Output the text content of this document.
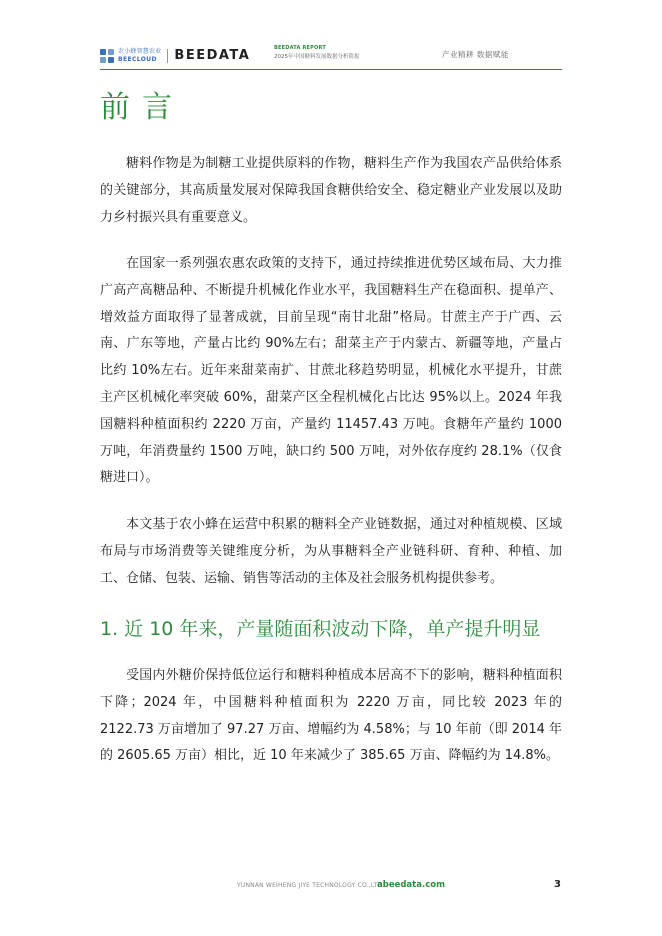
农小蜂智慧农业
BEECLOUD	BEEDATA	BEEDATA REPORT
2025年中国糖料发展数据分析简报	产业精耕 数据赋能
前言

糖料作物是为制糖工业提供原料的作物，糖料生产作为我国农产品供给体系的关键部分，其高质量发展对保障我国食糖供给安全、稳定糖业产业发展以及助力乡村振兴具有重要意义。

在国家一系列强农惠农政策的支持下，通过持续推进优势区域布局、大力推广高产高糖品种、不断提升机械化作业水平，我国糖料生产在稳面积、提单产、增效益方面取得了显著成就，目前呈现“南甘北甜”格局。甘蔗主产于广西、云南、广东等地，产量占比约 90%左右；甜菜主产于内蒙古、新疆等地，产量占比约 10%左右。近年来甜菜南扩、甘蔗北移趋势明显，机械化水平提升，甘蔗主产区机械化率突破 60%，甜菜产区全程机械化占比达 95%以上。2024 年我国糖料种植面积约 2220 万亩，产量约 11457.43 万吨。食糖年产量约 1000 万吨，年消费量约 1500 万吨，缺口约 500 万吨，对外依存度约 28.1%（仅食糖进口）。

本文基于农小蜂在运营中积累的糖料全产业链数据，通过对种植规模、区域布局与市场消费等关键维度分析，为从事糖料全产业链科研、育种、种植、加工、仓储、包装、运输、销售等活动的主体及社会服务机构提供参考。

1. 近 10 年来，产量随面积波动下降，单产提升明显

受国内外糖价保持低位运行和糖料种植成本居高不下的影响，糖料种植面积下降；2024 年，中国糖料种植面积为 2220 万亩，同比较 2023 年的 2122.73 万亩增加了 97.27 万亩、增幅约为 4.58%；与 10 年前（即 2014 年的 2605.65 万亩）相比，近 10 年来减少了 385.65 万亩、降幅约为 14.8%。

YUNNAN WEIHENG JIYE TECHNOLOGY CO.,LTD.
abeedata.com	3
